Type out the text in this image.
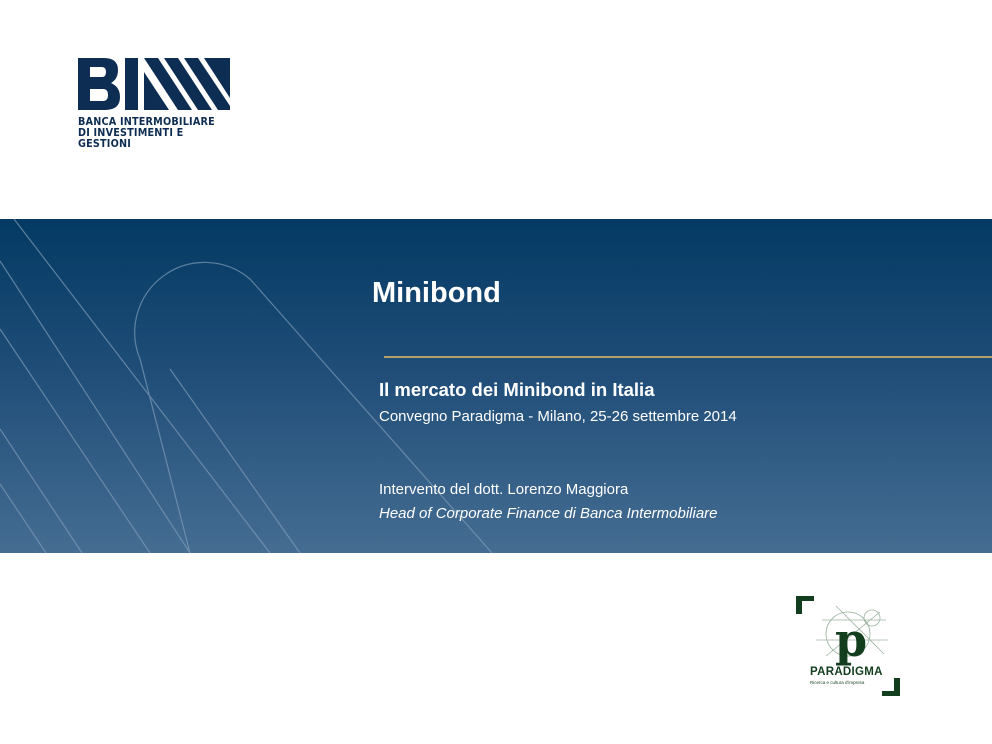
BANCA INTERMOBILIARE
DI INVESTIMENTI E GESTIONI
Minibond
Il mercato dei Minibond in Italia
Convegno Paradigma - Milano, 25-26 settembre 2014
Intervento del dott. Lorenzo Maggiora
Head of Corporate Finance di Banca Intermobiliare
p
PARADIGMA
Ricerca e cultura d'impresa
